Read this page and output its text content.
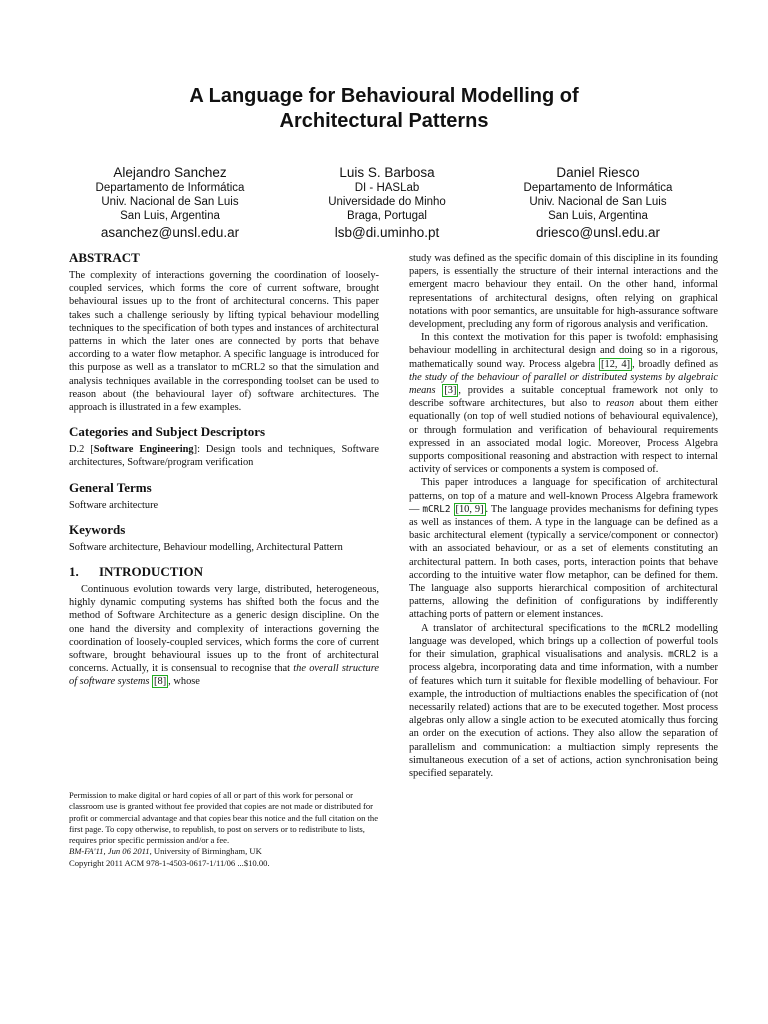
A Language for Behavioural Modelling of
Architectural Patterns
Alejandro Sanchez
Departamento de Informática
Univ. Nacional de San Luis
San Luis, Argentina
asanchez@unsl.edu.ar
Luis S. Barbosa
DI - HASLab
Universidade do Minho
Braga, Portugal
lsb@di.uminho.pt
Daniel Riesco
Departamento de Informática
Univ. Nacional de San Luis
San Luis, Argentina
driesco@unsl.edu.ar
ABSTRACT

The complexity of interactions governing the coordination of loosely-coupled services, which forms the core of current software, brought behavioural issues up to the front of architectural concerns. This paper takes such a challenge seriously by lifting typical behaviour modelling techniques to the specification of both types and instances of architectural patterns in which the later ones are connected by ports that behave according to a water flow metaphor. A specific language is introduced for this purpose as well as a translator to mCRL2 so that the simulation and analysis techniques available in the corresponding toolset can be used to reason about (the behavioural layer of) software architectures. The approach is illustrated in a few examples.

Categories and Subject Descriptors

D.2 [Software Engineering]: Design tools and techniques, Software architectures, Software/program verification

General Terms

Software architecture

Keywords

Software architecture, Behaviour modelling, Architectural Pattern

1. INTRODUCTION

Continuous evolution towards very large, distributed, heterogeneous, highly dynamic computing systems has shifted both the focus and the method of Software Architecture as a generic design discipline. On the one hand the diversity and complexity of interactions governing the coordination of loosely-coupled services, which forms the core of current software, brought behavioural issues up to the front of architectural concerns. Actually, it is consensual to recognise that the overall structure of software systems [8] , whose

study was defined as the specific domain of this discipline in its founding papers, is essentially the structure of their internal interactions and the emergent macro behaviour they entail. On the other hand, informal representations of architectural designs, often relying on graphical notations with poor semantics, are unsuitable for high-assurance software development, precluding any form of rigorous analysis and verification.

In this context the motivation for this paper is twofold: emphasising behaviour modelling in architectural design and doing so in a rigorous, mathematically sound way. Process algebra [12, 4] , broadly defined as the study of the behaviour of parallel or distributed systems by algebraic means [3] , provides a suitable conceptual framework not only to describe software architectures, but also to reason about them either equationally (on top of well studied notions of behavioural equivalence), or through formulation and verification of behavioural requirements expressed in an associated modal logic. Moreover, Process Algebra supports compositional reasoning and abstraction with respect to internal activity of services or components a system is composed of.

This paper introduces a language for specification of architectural patterns, on top of a mature and well-known Process Algebra framework — mCRL2 [10, 9] . The language provides mechanisms for defining types as well as instances of them. A type in the language can be defined as a basic architectural element (typically a service/component or connector) with an associated behaviour, or as a set of elements constituting an architectural pattern. In both cases, ports, interaction points that behave according to the intuitive water flow metaphor, can be defined for them. The language also supports hierarchical composition of architectural patterns, allowing the definition of configurations by indifferently attaching ports of pattern or element instances.

A translator of architectural specifications to the mCRL2 modelling language was developed, which brings up a collection of powerful tools for their simulation, graphical visualisations and analysis. mCRL2 is a process algebra, incorporating data and time information, with a number of features which turn it suitable for flexible modelling of behaviour. For example, the introduction of multiactions enables the specification of (not necessarily related) actions that are to be executed together. Most process algebras only allow a single action to be executed atomically thus forcing an order on the execution of actions. They also allow the separation of parallelism and communication: a multiaction simply represents the simultaneous execution of a set of actions, action synchronisation being specified separately.

Permission to make digital or hard copies of all or part of this work for personal or classroom use is granted without fee provided that copies are not made or distributed for profit or commercial advantage and that copies bear this notice and the full citation on the first page. To copy otherwise, to republish, to post on servers or to redistribute to lists, requires prior specific permission and/or a fee.

BM-FA'11, Jun 06 2011, University of Birmingham, UK

Copyright 2011 ACM 978-1-4503-0617-1/11/06 ...$10.00.
